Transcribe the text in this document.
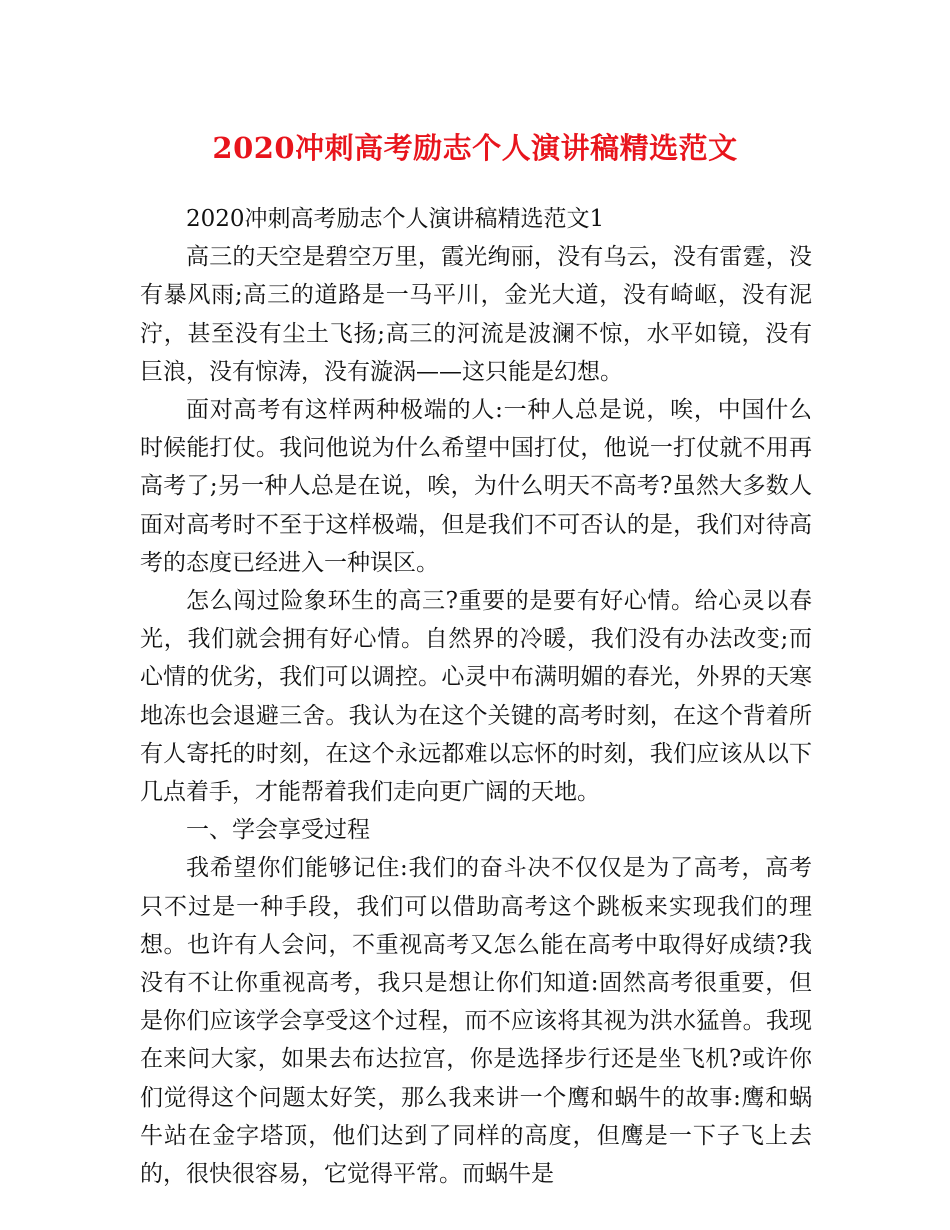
2020冲刺高考励志个人演讲稿精选范文

2020冲刺高考励志个人演讲稿精选范文1

高三的天空是碧空万里，霞光绚丽，没有乌云，没有雷霆，没有暴风雨;高三的道路是一马平川，金光大道，没有崎岖，没有泥泞，甚至没有尘土飞扬;高三的河流是波澜不惊，水平如镜，没有巨浪，没有惊涛，没有漩涡——这只能是幻想。

面对高考有这样两种极端的人:一种人总是说，唉，中国什么时候能打仗。我问他说为什么希望中国打仗，他说一打仗就不用再高考了;另一种人总是在说，唉，为什么明天不高考?虽然大多数人面对高考时不至于这样极端，但是我们不可否认的是，我们对待高考的态度已经进入一种误区。

怎么闯过险象环生的高三?重要的是要有好心情。给心灵以春光，我们就会拥有好心情。自然界的冷暖，我们没有办法改变;而心情的优劣，我们可以调控。心灵中布满明媚的春光，外界的天寒地冻也会退避三舍。我认为在这个关键的高考时刻，在这个背着所有人寄托的时刻，在这个永远都难以忘怀的时刻，我们应该从以下几点着手，才能帮着我们走向更广阔的天地。

一、学会享受过程

我希望你们能够记住:我们的奋斗决不仅仅是为了高考，高考只不过是一种手段，我们可以借助高考这个跳板来实现我们的理想。也许有人会问，不重视高考又怎么能在高考中取得好成绩?我没有不让你重视高考，我只是想让你们知道:固然高考很重要，但是你们应该学会享受这个过程，而不应该将其视为洪水猛兽。我现在来问大家，如果去布达拉宫，你是选择步行还是坐飞机?或许你们觉得这个问题太好笑，那么我来讲一个鹰和蜗牛的故事:鹰和蜗牛站在金字塔顶，他们达到了同样的高度，但鹰是一下子飞上去的，很快很容易，它觉得平常。而蜗牛是
